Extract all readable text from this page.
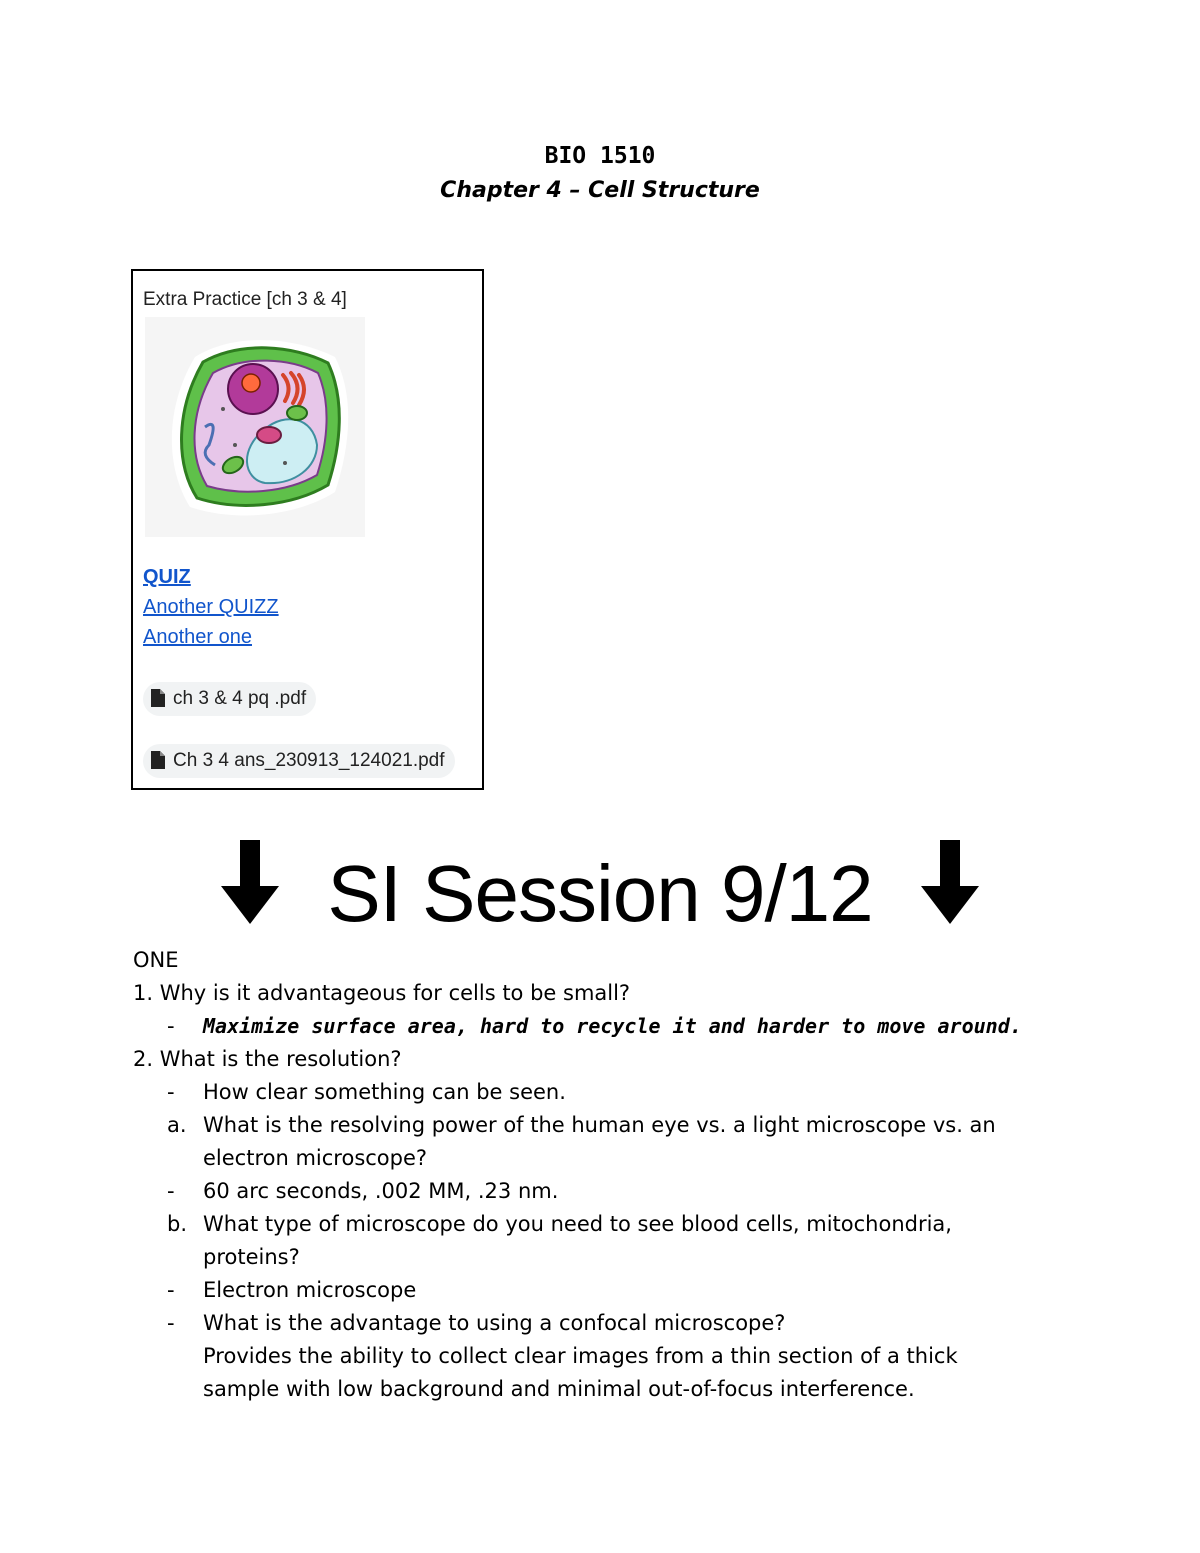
BIO 1510
Chapter 4 – Cell Structure
Extra Practice [ch 3 & 4]
QUIZ
Another QUIZZ
Another one
ch 3 & 4 pq .pdf
Ch 3 4 ans_230913_124021.pdf
SI Session 9/12
ONE
1. Why is it advantageous for cells to be small?
- Maximize surface area, hard to recycle it and harder to move around.
2. What is the resolution?
- How clear something can be seen.
a. What is the resolving power of the human eye vs. a light microscope vs. an
electron microscope?
- 60 arc seconds, .002 MM, .23 nm.
b. What type of microscope do you need to see blood cells, mitochondria,
proteins?
- Electron microscope
- What is the advantage to using a confocal microscope?
Provides the ability to collect clear images from a thin section of a thick
sample with low background and minimal out-of-focus interference.
